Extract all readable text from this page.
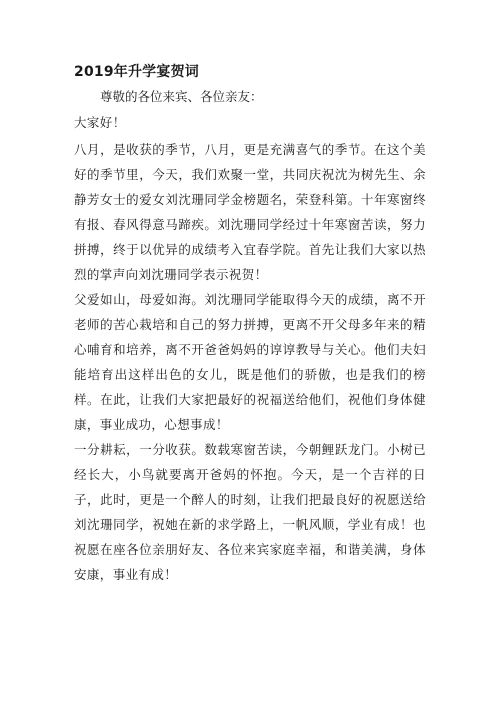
2019年升学宴贺词

尊敬的各位来宾、各位亲友：

大家好！

八月，是收获的季节，八月，更是充满喜气的季节。在这个美好的季节里，今天，我们欢聚一堂，共同庆祝沈为树先生、余静芳女士的爱女刘沈珊同学金榜题名，荣登科第。十年寒窗终有报、春风得意马蹄疾。刘沈珊同学经过十年寒窗苦读，努力拼搏，终于以优异的成绩考入宜春学院。首先让我们大家以热烈的掌声向刘沈珊同学表示祝贺！

父爱如山，母爱如海。刘沈珊同学能取得今天的成绩，离不开老师的苦心栽培和自己的努力拼搏，更离不开父母多年来的精心哺育和培养，离不开爸爸妈妈的谆谆教导与关心。他们夫妇能培育出这样出色的女儿，既是他们的骄傲，也是我们的榜样。在此，让我们大家把最好的祝福送给他们，祝他们身体健康，事业成功，心想事成！

一分耕耘，一分收获。数载寒窗苦读，今朝鲤跃龙门。小树已经长大，小鸟就要离开爸妈的怀抱。今天，是一个吉祥的日子，此时，更是一个醉人的时刻，让我们把最良好的祝愿送给刘沈珊同学，祝她在新的求学路上，一帆风顺，学业有成！也祝愿在座各位亲朋好友、各位来宾家庭幸福，和谐美满，身体安康，事业有成！
